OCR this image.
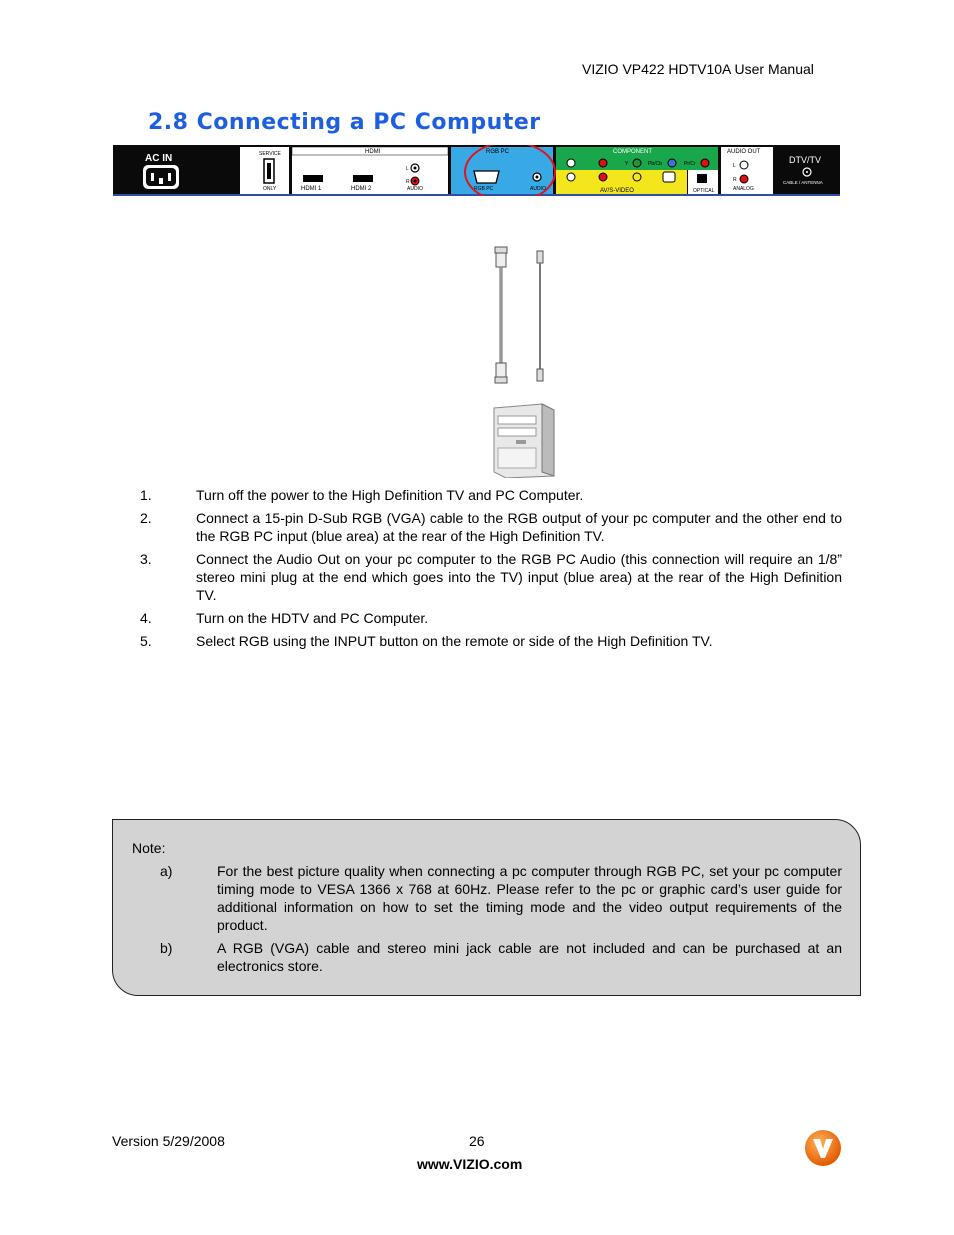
VIZIO VP422 HDTV10A User Manual
2.8 Connecting a PC Computer
AC IN	SERVICE
ONLY
HDMI
HDMI 1	HDMI 2
L
R
AUDIO
RGB PC
RGB PC	AUDIO
COMPONENT
Y	Pb/Cb	Pr/Cr
AV/S-VIDEO	OPTICAL
AUDIO OUT
L
R
ANALOG
DTV/TV
CABLE / ANTENNA
1.	Turn off the power to the High Definition TV and PC Computer.
2.	Connect a 15-pin D-Sub RGB (VGA) cable to the RGB output of your pc computer and the other end to the RGB PC input (blue area) at the rear of the High Definition TV.
3.	Connect the Audio Out on your pc computer to the RGB PC Audio (this connection will require an 1/8” stereo mini plug at the end which goes into the TV) input (blue area) at the rear of the High Definition TV.
4.	Turn on the HDTV and PC Computer.
5.	Select RGB using the INPUT button on the remote or side of the High Definition TV.
Note:
a)	For the best picture quality when connecting a pc computer through RGB PC, set your pc computer timing mode to VESA 1366 x 768 at 60Hz. Please refer to the pc or graphic card’s user guide for additional information on how to set the timing mode and the video output requirements of the product.
b)	A RGB (VGA) cable and stereo mini jack cable are not included and can be purchased at an electronics store.
Version 5/29/2008	26
www.VIZIO.com
